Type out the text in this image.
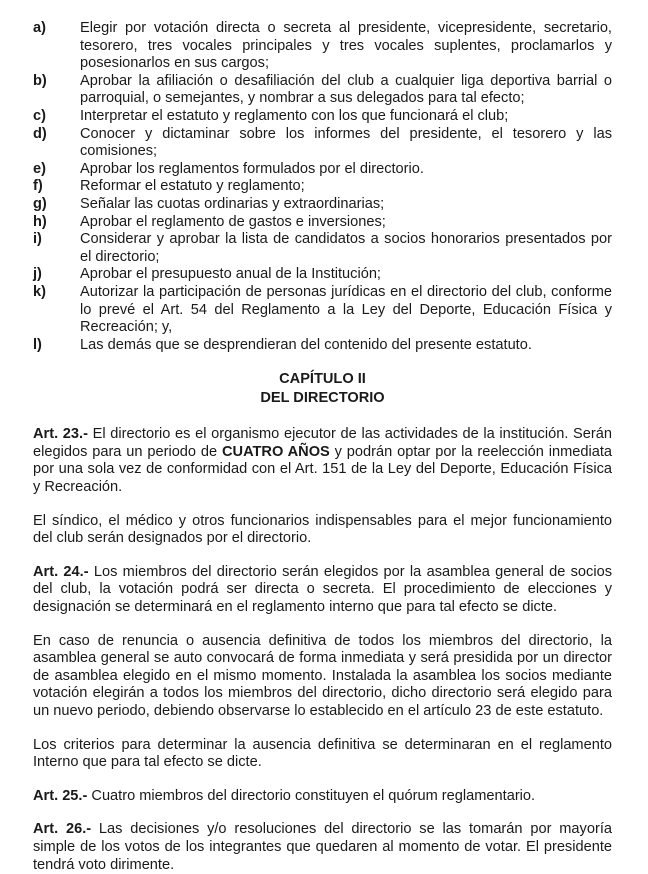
a)	Elegir por votación directa o secreta al presidente, vicepresidente, secretario, tesorero, tres vocales principales y tres vocales suplentes, proclamarlos y posesionarlos en sus cargos;
b)	Aprobar la afiliación o desafiliación del club a cualquier liga deportiva barrial o parroquial, o semejantes, y nombrar a sus delegados para tal efecto;
c)	Interpretar el estatuto y reglamento con los que funcionará el club;
d)	Conocer y dictaminar sobre los informes del presidente, el tesorero y las comisiones;
e)	Aprobar los reglamentos formulados por el directorio.
f)	Reformar el estatuto y reglamento;
g)	Señalar las cuotas ordinarias y extraordinarias;
h)	Aprobar el reglamento de gastos e inversiones;
i)	Considerar y aprobar la lista de candidatos a socios honorarios presentados por el directorio;
j)	Aprobar el presupuesto anual de la Institución;
k)	Autorizar la participación de personas jurídicas en el directorio del club, conforme lo prevé el Art. 54 del Reglamento a la Ley del Deporte, Educación Física y Recreación; y,
l)	Las demás que se desprendieran del contenido del presente estatuto.
CAPÍTULO II
DEL DIRECTORIO

Art. 23.- El directorio es el organismo ejecutor de las actividades de la institución. Serán elegidos para un periodo de CUATRO AÑOS y podrán optar por la reelección inmediata por una sola vez de conformidad con el Art. 151 de la Ley del Deporte, Educación Física y Recreación.

El síndico, el médico y otros funcionarios indispensables para el mejor funcionamiento del club serán designados por el directorio.

Art. 24.- Los miembros del directorio serán elegidos por la asamblea general de socios del club, la votación podrá ser directa o secreta. El procedimiento de elecciones y designación se determinará en el reglamento interno que para tal efecto se dicte.

En caso de renuncia o ausencia definitiva de todos los miembros del directorio, la asamblea general se auto convocará de forma inmediata y será presidida por un director de asamblea elegido en el mismo momento. Instalada la asamblea los socios mediante votación elegirán a todos los miembros del directorio, dicho directorio será elegido para un nuevo periodo, debiendo observarse lo establecido en el artículo 23 de este estatuto.

Los criterios para determinar la ausencia definitiva se determinaran en el reglamento Interno que para tal efecto se dicte.

Art. 25.- Cuatro miembros del directorio constituyen el quórum reglamentario.

Art. 26.- Las decisiones y/o resoluciones del directorio se las tomarán por mayoría simple de los votos de los integrantes que quedaren al momento de votar. El presidente tendrá voto dirimente.
